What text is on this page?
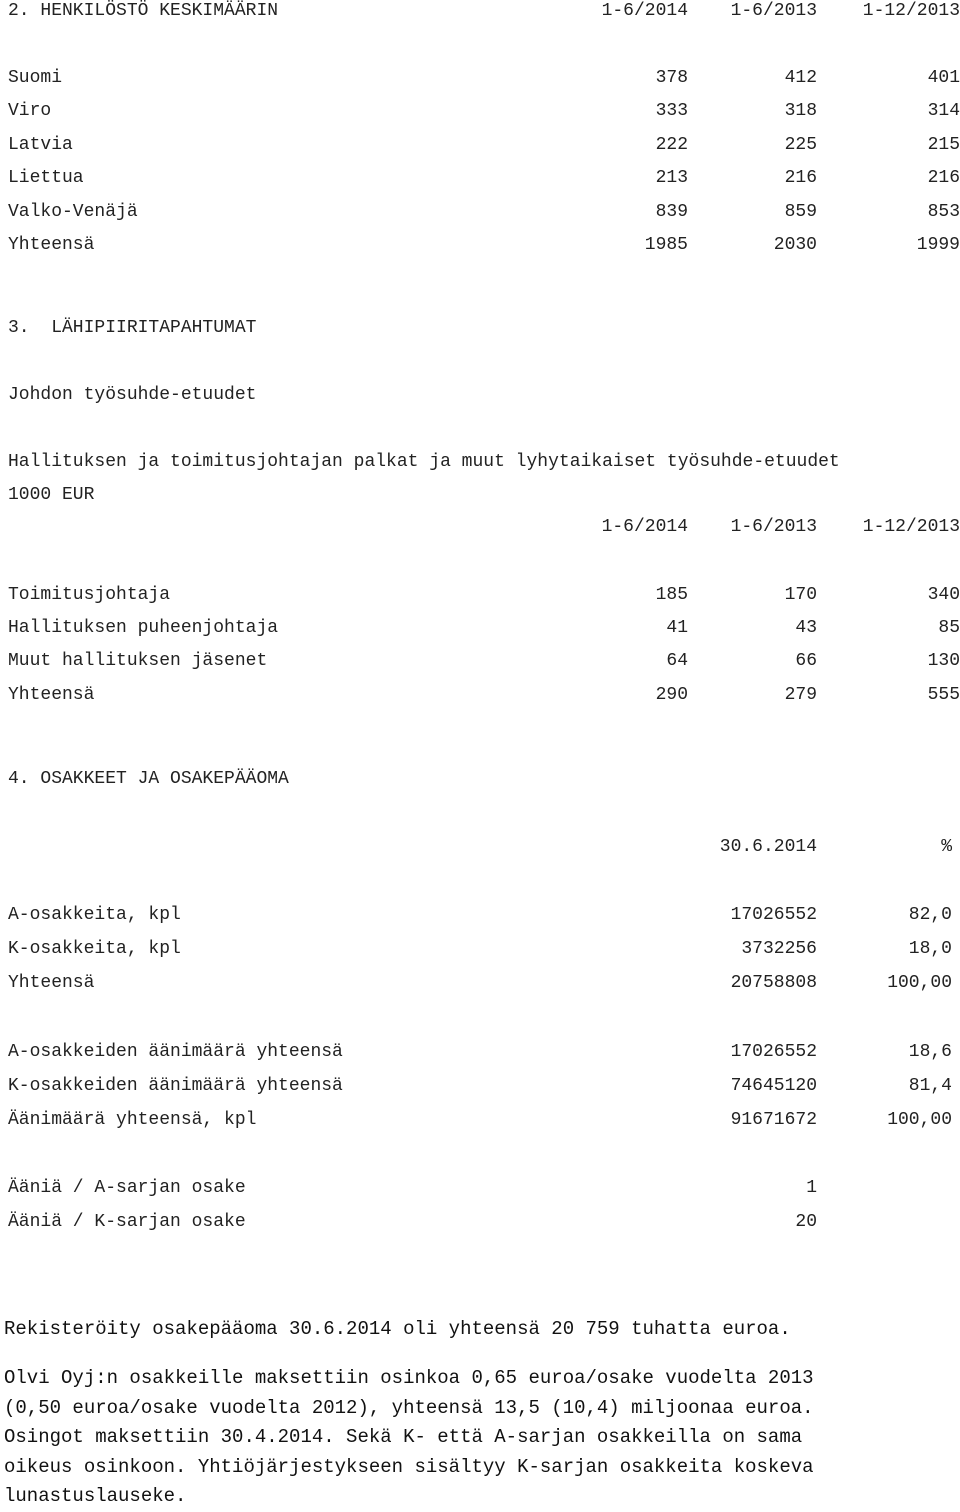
2. HENKILÖSTÖ KESKIMÄÄRIN	1-6/2014 1-6/2013	1-12/2013
Suomi	378	412	401
Viro	333	318	314
Latvia	222	225	215
Liettua	213	216	216
Valko-Venäjä	839	859	853
Yhteensä	1985	2030	1999
3.  LÄHIPIIRITAPAHTUMAT
Johdon työsuhde-etuudet
Hallituksen ja toimitusjohtajan palkat ja muut lyhytaikaiset työsuhde-etuudet
1000 EUR
1-6/2014 1-6/2013	1-12/2013
Toimitusjohtaja	185	170	340
Hallituksen puheenjohtaja	41	43	85
Muut hallituksen jäsenet	64	66	130
Yhteensä	290	279	555
4. OSAKKEET JA OSAKEPÄÄOMA
30.6.2014	%
A-osakkeita, kpl	17026552	82,0
K-osakkeita, kpl	3732256	18,0
Yhteensä	20758808	100,00
A-osakkeiden äänimäärä yhteensä	17026552	18,6
K-osakkeiden äänimäärä yhteensä	74645120	81,4
Äänimäärä yhteensä, kpl	91671672	100,00
Ääniä / A-sarjan osake	1
Ääniä / K-sarjan osake	20
Rekisteröity osakepääoma 30.6.2014 oli yhteensä 20 759 tuhatta euroa.
Olvi Oyj:n osakkeille maksettiin osinkoa 0,65 euroa/osake vuodelta 2013
(0,50 euroa/osake vuodelta 2012), yhteensä 13,5 (10,4) miljoonaa euroa.
Osingot maksettiin 30.4.2014. Sekä K- että A-sarjan osakkeilla on sama
oikeus osinkoon. Yhtiöjärjestykseen sisältyy K-sarjan osakkeita koskeva
lunastuslauseke.
